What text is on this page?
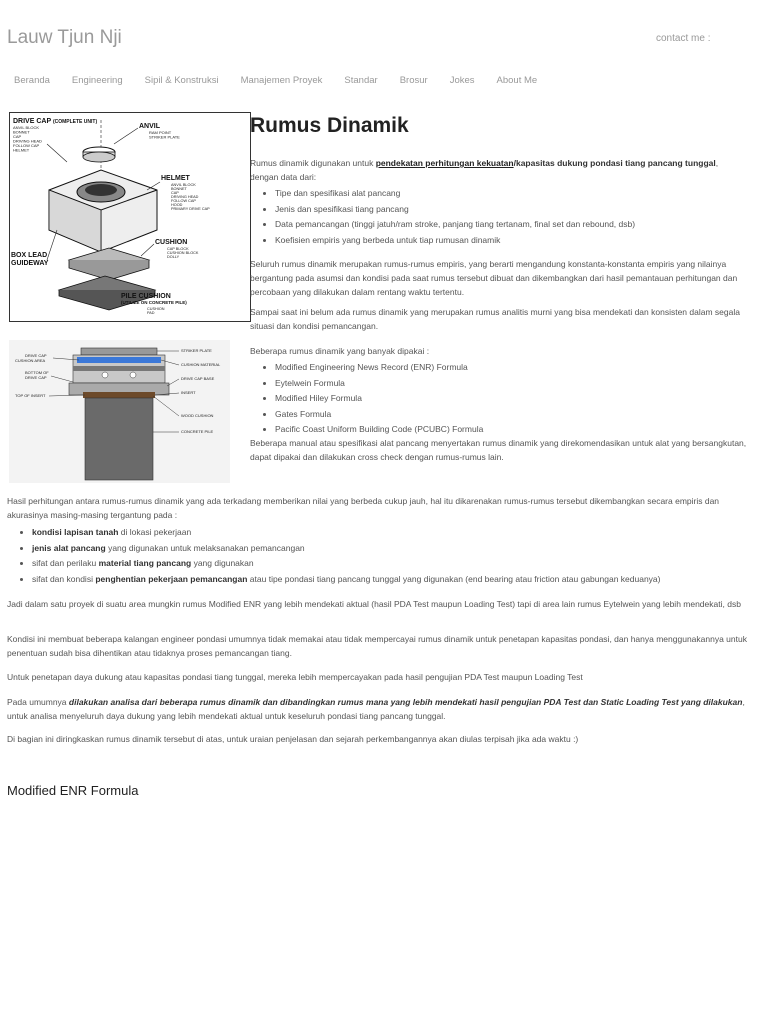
Lauw Tjun Nji	contact me :
Beranda Engineering Sipil & Konstruksi Manajemen Proyek Standar Brosur Jokes About Me
DRIVE CAP (COMPLETE UNIT)
ANVIL BLOCK
BONNET
CAP
DRIVING HEAD
FOLLOW CAP
HELMET
ANVIL
RAM POINT
STRIKER PLATE
HELMET
ANVIL BLOCK
BONNET
CAP
DRIVING HEAD
FOLLOW CAP
HOOD
PRIMARY DRIVE CAP
CUSHION
CAP BLOCK
CUSHION BLOCK
DOLLY
BOX LEAD
GUIDEWAY
PILE CUSHION
(UTILIZE ON CONCRETE PILE)
CUSHION
PAD
DRIVE CAP
CUSHION AREA
BOTTOM OF
DRIVE CAP
TOP OF INSERT
STRIKER PLATE
CUSHION MATERIAL
DRIVE CAP BASE
INSERT
WOOD CUSHION
CONCRETE PILE
Rumus Dinamik

Rumus dinamik digunakan untuk pendekatan perhitungan kekuatan/kapasitas dukung pondasi tiang pancang tunggal, dengan data dari:

• Tipe dan spesifikasi alat pancang
• Jenis dan spesifikasi tiang pancang
• Data pemancangan (tinggi jatuh/ram stroke, panjang tiang tertanam, final set dan rebound, dsb)
• Koefisien empiris yang berbeda untuk tiap rumusan dinamik

Seluruh rumus dinamik merupakan rumus-rumus empiris, yang berarti mengandung konstanta-konstanta empiris yang nilainya bergantung pada asumsi dan kondisi pada saat rumus tersebut dibuat dan dikembangkan dari hasil pemantauan perhitungan dan percobaan yang dilakukan dalam rentang waktu tertentu.

Sampai saat ini belum ada rumus dinamik yang merupakan rumus analitis murni yang bisa mendekati dan konsisten dalam segala situasi dan kondisi pemancangan.

Beberapa rumus dinamik yang banyak dipakai :

• Modified Engineering News Record (ENR) Formula
• Eytelwein Formula
• Modified Hiley Formula
• Gates Formula
• Pacific Coast Uniform Building Code (PCUBC) Formula

Beberapa manual atau spesifikasi alat pancang menyertakan rumus dinamik yang direkomendasikan untuk alat yang bersangkutan, dapat dipakai dan dilakukan cross check dengan rumus-rumus lain.

Hasil perhitungan antara rumus-rumus dinamik yang ada terkadang memberikan nilai yang berbeda cukup jauh, hal itu dikarenakan rumus-rumus tersebut dikembangkan secara empiris dan akurasinya masing-masing tergantung pada :

• kondisi lapisan tanah di lokasi pekerjaan
• jenis alat pancang yang digunakan untuk melaksanakan pemancangan
• sifat dan perilaku material tiang pancang yang digunakan
• sifat dan kondisi penghentian pekerjaan pemancangan atau tipe pondasi tiang pancang tunggal yang digunakan (end bearing atau friction atau gabungan keduanya)

Jadi dalam satu proyek di suatu area mungkin rumus Modified ENR yang lebih mendekati aktual (hasil PDA Test maupun Loading Test) tapi di area lain rumus Eytelwein yang lebih mendekati, dsb

Kondisi ini membuat beberapa kalangan engineer pondasi umumnya tidak memakai atau tidak mempercayai rumus dinamik untuk penetapan kapasitas pondasi, dan hanya menggunakannya untuk penentuan sudah bisa dihentikan atau tidaknya proses pemancangan tiang.

Untuk penetapan daya dukung atau kapasitas pondasi tiang tunggal, mereka lebih mempercayakan pada hasil pengujian PDA Test maupun Loading Test

Pada umumnya dilakukan analisa dari beberapa rumus dinamik dan dibandingkan rumus mana yang lebih mendekati hasil pengujian PDA Test dan Static Loading Test yang dilakukan, untuk analisa menyeluruh daya dukung yang lebih mendekati aktual untuk keseluruh pondasi tiang pancang tunggal.

Di bagian ini diringkaskan rumus dinamik tersebut di atas, untuk uraian penjelasan dan sejarah perkembangannya akan diulas terpisah jika ada waktu :)

Modified ENR Formula
